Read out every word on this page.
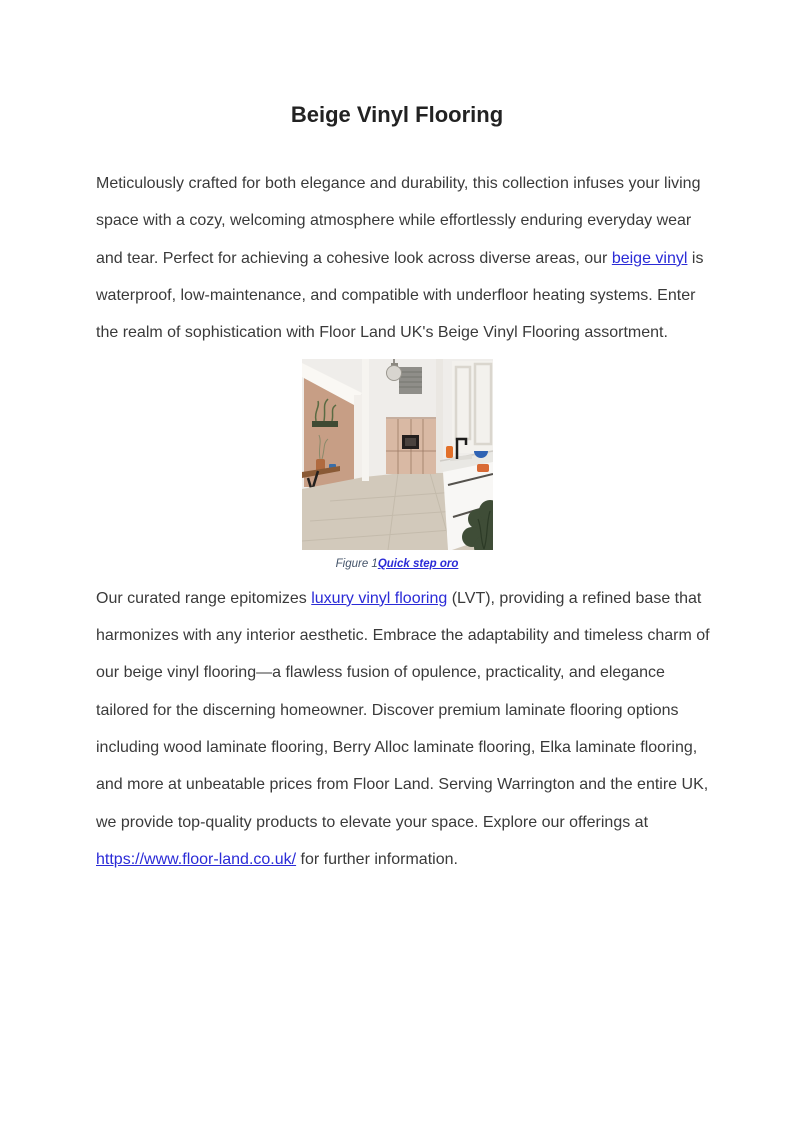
Beige Vinyl Flooring
Meticulously crafted for both elegance and durability, this collection infuses your living space with a cozy, welcoming atmosphere while effortlessly enduring everyday wear and tear. Perfect for achieving a cohesive look across diverse areas, our beige vinyl is waterproof, low-maintenance, and compatible with underfloor heating systems. Enter the realm of sophistication with Floor Land UK's Beige Vinyl Flooring assortment.
Figure 1Quick step oro
Our curated range epitomizes luxury vinyl flooring (LVT), providing a refined base that harmonizes with any interior aesthetic. Embrace the adaptability and timeless charm of our beige vinyl flooring—a flawless fusion of opulence, practicality, and elegance tailored for the discerning homeowner. Discover premium laminate flooring options including wood laminate flooring, Berry Alloc laminate flooring, Elka laminate flooring, and more at unbeatable prices from Floor Land. Serving Warrington and the entire UK, we provide top-quality products to elevate your space. Explore our offerings at https://www.floor-land.co.uk/ for further information.
